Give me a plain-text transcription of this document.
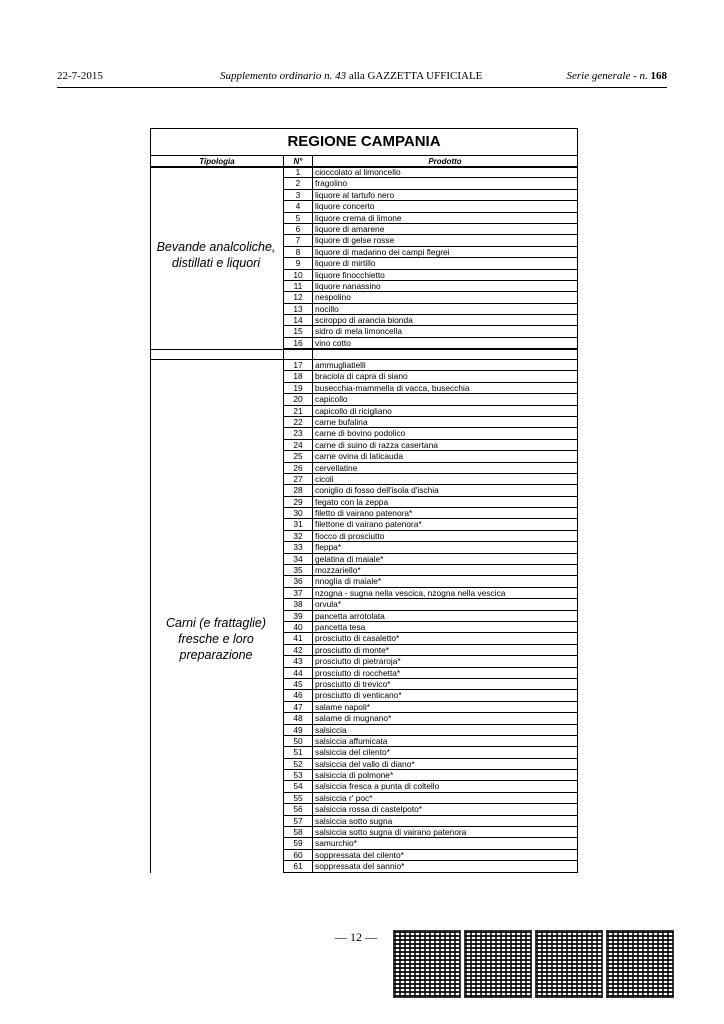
22-7-2015	Supplemento ordinario n. 43 alla GAZZETTA UFFICIALE	Serie generale - n. 168
REGIONE CAMPANIA
Tipologia	N°	Prodotto
Bevande analcoliche,
distillati e liquori
1	cioccolato al limoncello
2	fragolino
3	liquore al tartufo nero
4	liquore concerto
5	liquore crema di limone
6	liquore di amarene
7	liquore di gelse rosse
8	liquore di madarino dei campi flegrei
9	liquore di mirtillo
10	liquore finocchietto
11	liquore nanassino
12	nespolino
13	nocillo
14	sciroppo di arancia bionda
15	sidro di mela limoncella
16	vino cotto
Carni (e frattaglie)
fresche e loro
preparazione
17	ammugliatielli
18	braciola di capra di siano
19	busecchia-mammella di vacca, busecchia
20	capicollo
21	capicollo di ricigliano
22	carne bufalina
23	carne di bovino podolico
24	carne di suino di razza casertana
25	carne ovina di laticauda
26	cervellatine
27	cicoli
28	coniglio di fosso dell'isola d'ischia
29	fegato con la zeppa
30	filetto di vairano patenora*
31	filettone di vairano patenora*
32	fiocco di prosciutto
33	fleppa*
34	gelatina di maiale*
35	mozzariello*
36	nnoglia di maiale*
37	nzogna - sugna nella vescica, nzogna nella vescica
38	orvula*
39	pancetta arrotolata
40	pancetta tesa
41	prosciutto di casaletto*
42	prosciutto di monte*
43	prosciutto di pietraroja*
44	prosciutto di rocchetta*
45	prosciutto di trevico*
46	prosciutto di venticano*
47	salame napoli*
48	salame di mugnano*
49	salsiccia
50	salsiccia affumicata
51	salsiccia del cilento*
52	salsiccia del vallo di diano*
53	salsiccia di polmone*
54	salsiccia fresca a punta di coltello
55	salsiccia r' poc*
56	salsiccia rossa di castelpoto*
57	salsiccia sotto sugna
58	salsiccia sotto sugna di vairano patenora
59	samurchio*
60	soppressata del cilento*
61	soppressata del sannio*
— 12 —
